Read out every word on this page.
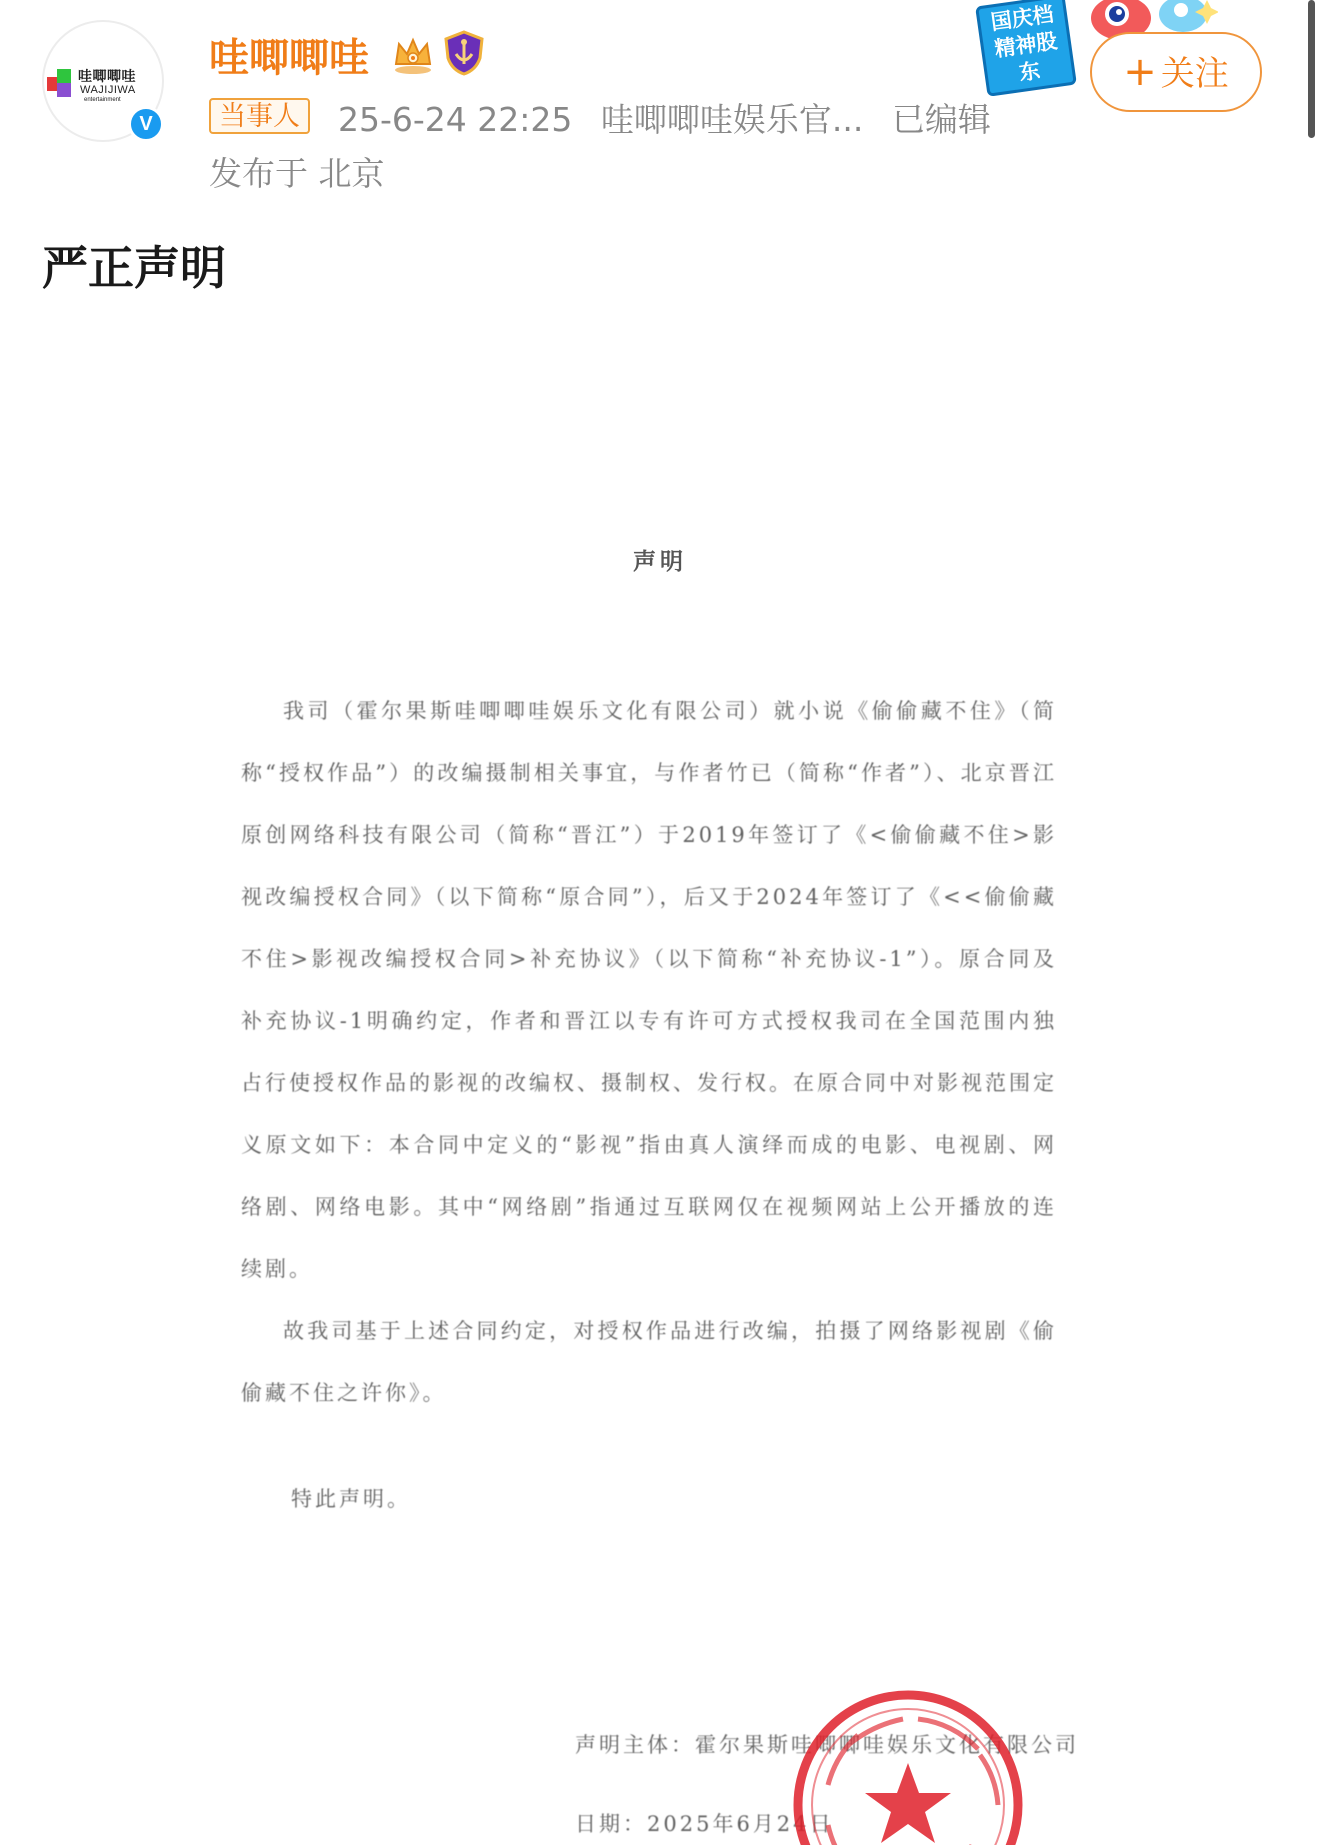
哇唧唧哇
WAJIJIWA
entertainment
V
哇唧唧哇
当事人	25-6-24 22:25 哇唧唧哇娱乐官... 已编辑
发布于 北京
国庆档精神股东	+ 关注
严正声明
声明

我司（霍尔果斯哇唧唧哇娱乐文化有限公司）就小说《偷偷藏不住》（简称“授权作品”）的改编摄制相关事宜，与作者竹已（简称“作者”）、北京晋江原创网络科技有限公司（简称“晋江”）于2019年签订了《<偷偷藏不住>影视改编授权合同》（以下简称“原合同”），后又于2024年签订了《<<偷偷藏不住>影视改编授权合同>补充协议》（以下简称“补充协议-1”）。原合同及补充协议-1明确约定，作者和晋江以专有许可方式授权我司在全国范围内独占行使授权作品的影视的改编权、摄制权、发行权。在原合同中对影视范围定义原文如下：本合同中定义的“影视”指由真人演绎而成的电影、电视剧、网络剧、网络电影。其中“网络剧”指通过互联网仅在视频网站上公开播放的连续剧。

故我司基于上述合同约定，对授权作品进行改编，拍摄了网络影视剧《偷偷藏不住之许你》。

特此声明。
声明主体：霍尔果斯哇唧唧哇娱乐文化有限公司
日期：2025年6月24日
